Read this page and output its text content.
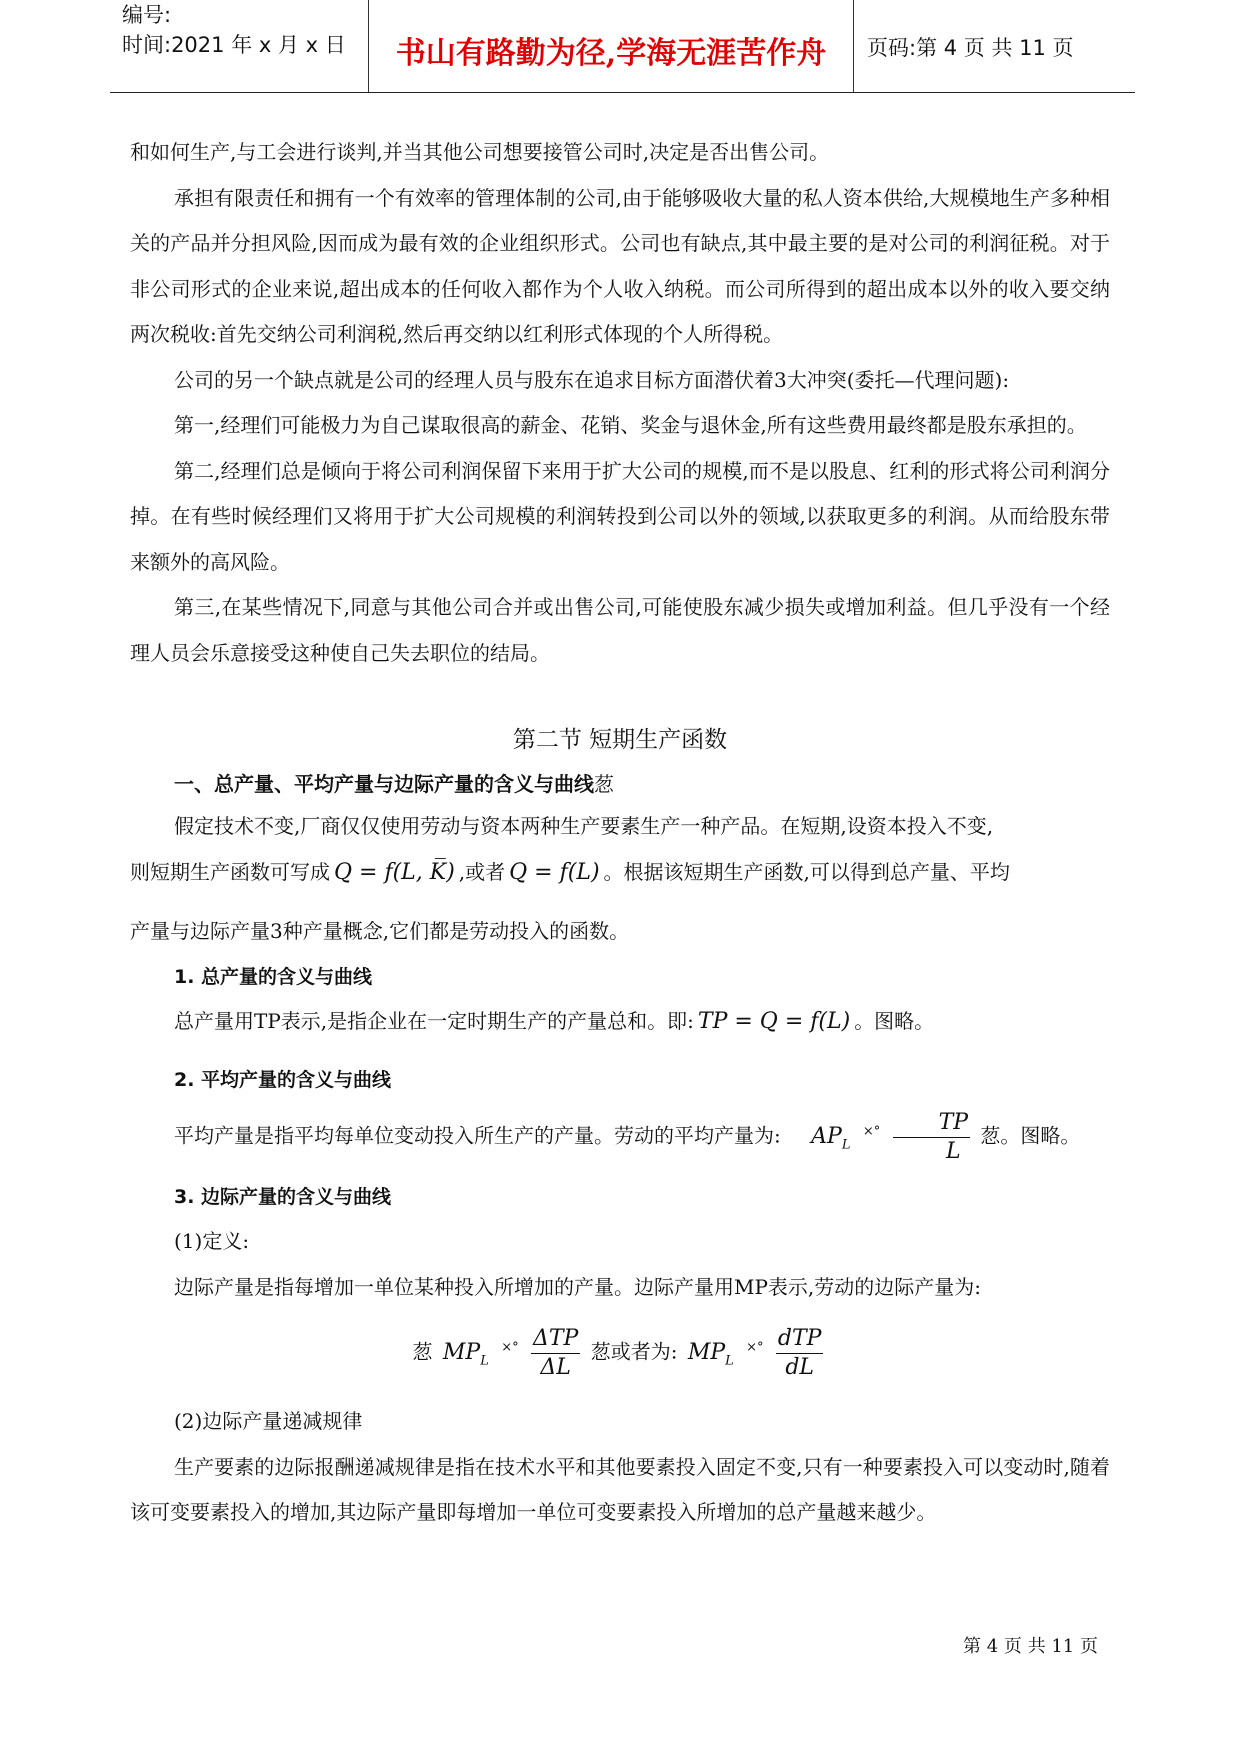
编号:
时间:2021 年 x 月 x 日	书山有路勤为径,学海无涯苦作舟	页码:第 4 页 共 11 页

和如何生产,与工会进行谈判,并当其他公司想要接管公司时,决定是否出售公司。

承担有限责任和拥有一个有效率的管理体制的公司,由于能够吸收大量的私人资本供给,大规模地生产多种相关的产品并分担风险,因而成为最有效的企业组织形式。公司也有缺点,其中最主要的是对公司的利润征税。对于非公司形式的企业来说,超出成本的任何收入都作为个人收入纳税。而公司所得到的超出成本以外的收入要交纳两次税收:首先交纳公司利润税,然后再交纳以红利形式体现的个人所得税。

公司的另一个缺点就是公司的经理人员与股东在追求目标方面潜伏着3大冲突(委托—代理问题):

第一,经理们可能极力为自己谋取很高的薪金、花销、奖金与退休金,所有这些费用最终都是股东承担的。

第二,经理们总是倾向于将公司利润保留下来用于扩大公司的规模,而不是以股息、红利的形式将公司利润分掉。在有些时候经理们又将用于扩大公司规模的利润转投到公司以外的领域,以获取更多的利润。从而给股东带来额外的高风险。

第三,在某些情况下,同意与其他公司合并或出售公司,可能使股东减少损失或增加利益。但几乎没有一个经理人员会乐意接受这种使自己失去职位的结局。

第二节 短期生产函数
一、总产量、平均产量与边际产量的含义与曲线䓤

假定技术不变,厂商仅仅使用劳动与资本两种生产要素生产一种产品。在短期,设资本投入不变,

则短期生产函数可写成 Q = f(L, K̅) ,或者 Q = f(L) 。根据该短期生产函数,可以得到总产量、平均

产量与边际产量3种产量概念,它们都是劳动投入的函数。

1. 总产量的含义与曲线

总产量用TP表示,是指企业在一定时期生产的产量总和。即: TP = Q = f(L) 。图略。

2. 平均产量的含义与曲线

平均产量是指平均每单位变动投入所生产的产量。劳动的平均产量为: $AP_L$ $^{\times^\circ} \frac{TP}{L}$ 䓤。图略。

3. 边际产量的含义与曲线

(1)定义:

边际产量是指每增加一单位某种投入所增加的产量。边际产量用MP表示,劳动的边际产量为:

䓤 $MP_L$ $^{\times^\circ} \frac{\text{ΔTP}}{\Delta L}$ 䓤或者为: $MP_L$ $^{\times^\circ} \frac{\text{dTP}}{dL}$

(2)边际产量递减规律

生产要素的边际报酬递减规律是指在技术水平和其他要素投入固定不变,只有一种要素投入可以变动时,随着该可变要素投入的增加,其边际产量即每增加一单位可变要素投入所增加的总产量越来越少。

第 4 页 共 11 页
